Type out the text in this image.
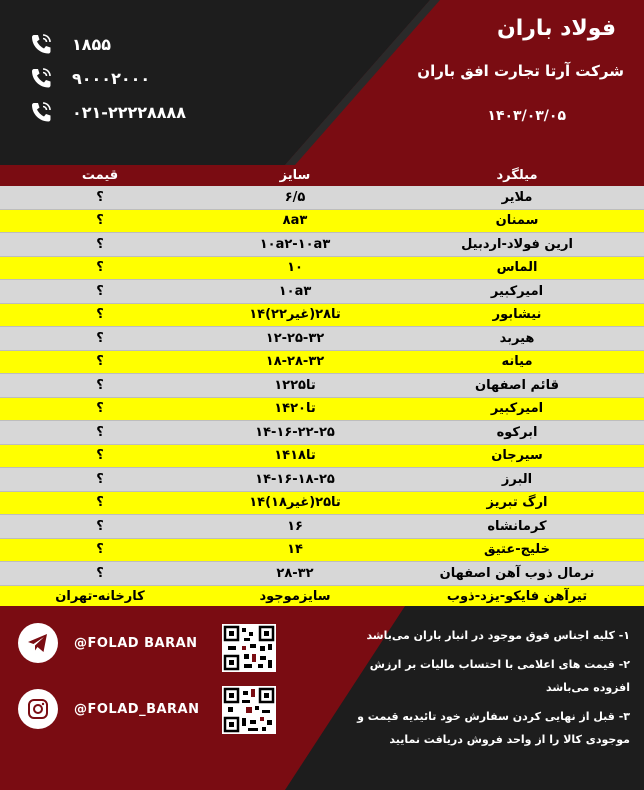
فولاد باران
شرکت آرتا تجارت افق باران
۱۴۰۳/۰۳/۰۵
۱۸۵۵
۹۰۰۰۲۰۰۰
۰۲۱-۲۲۲۲۸۸۸۸
قیمت	سایز	میلگرد
؟	۶/۵	ملایر
؟	۸a۳	سمنان
؟	۱۰a۲-۱۰a۳	ارین فولاد-اردبیل
؟	۱۰	الماس
؟	۱۰a۳	امیرکبیر
؟	۱۴تا۲۸(غیر۲۲)	نیشابور
؟	۱۲-۲۵-۳۲	هیربد
؟	۱۸-۲۸-۳۲	میانه
؟	۱۲تا۲۵	قائم اصفهان
؟	۱۴تا۲۰	امیرکبیر
؟	۱۴-۱۶-۲۲-۲۵	ابرکوه
؟	۱۴تا۱۸	سیرجان
؟	۱۴-۱۶-۱۸-۲۵	البرز
؟	۱۴تا۲۵(غیر۱۸)	ارگ تبریز
؟	۱۶	کرمانشاه
؟	۱۴	خلیج-عتیق
؟	۲۸-۳۲	نرمال ذوب آهن اصفهان
کارخانه-تهران	سایزموجود	تیرآهن فایکو-یزد-ذوب
@FOLAD BARAN
@FOLAD_BARAN
۱- کلیه اجناس فوق موجود در انبار باران می‌باشد
۲- قیمت های اعلامی با احتساب مالیات بر ارزش افزوده می‌باشد
۳- قبل از نهایی کردن سفارش خود تائیدیه قیمت و موجودی کالا را از واحد فروش دریافت نمایید
